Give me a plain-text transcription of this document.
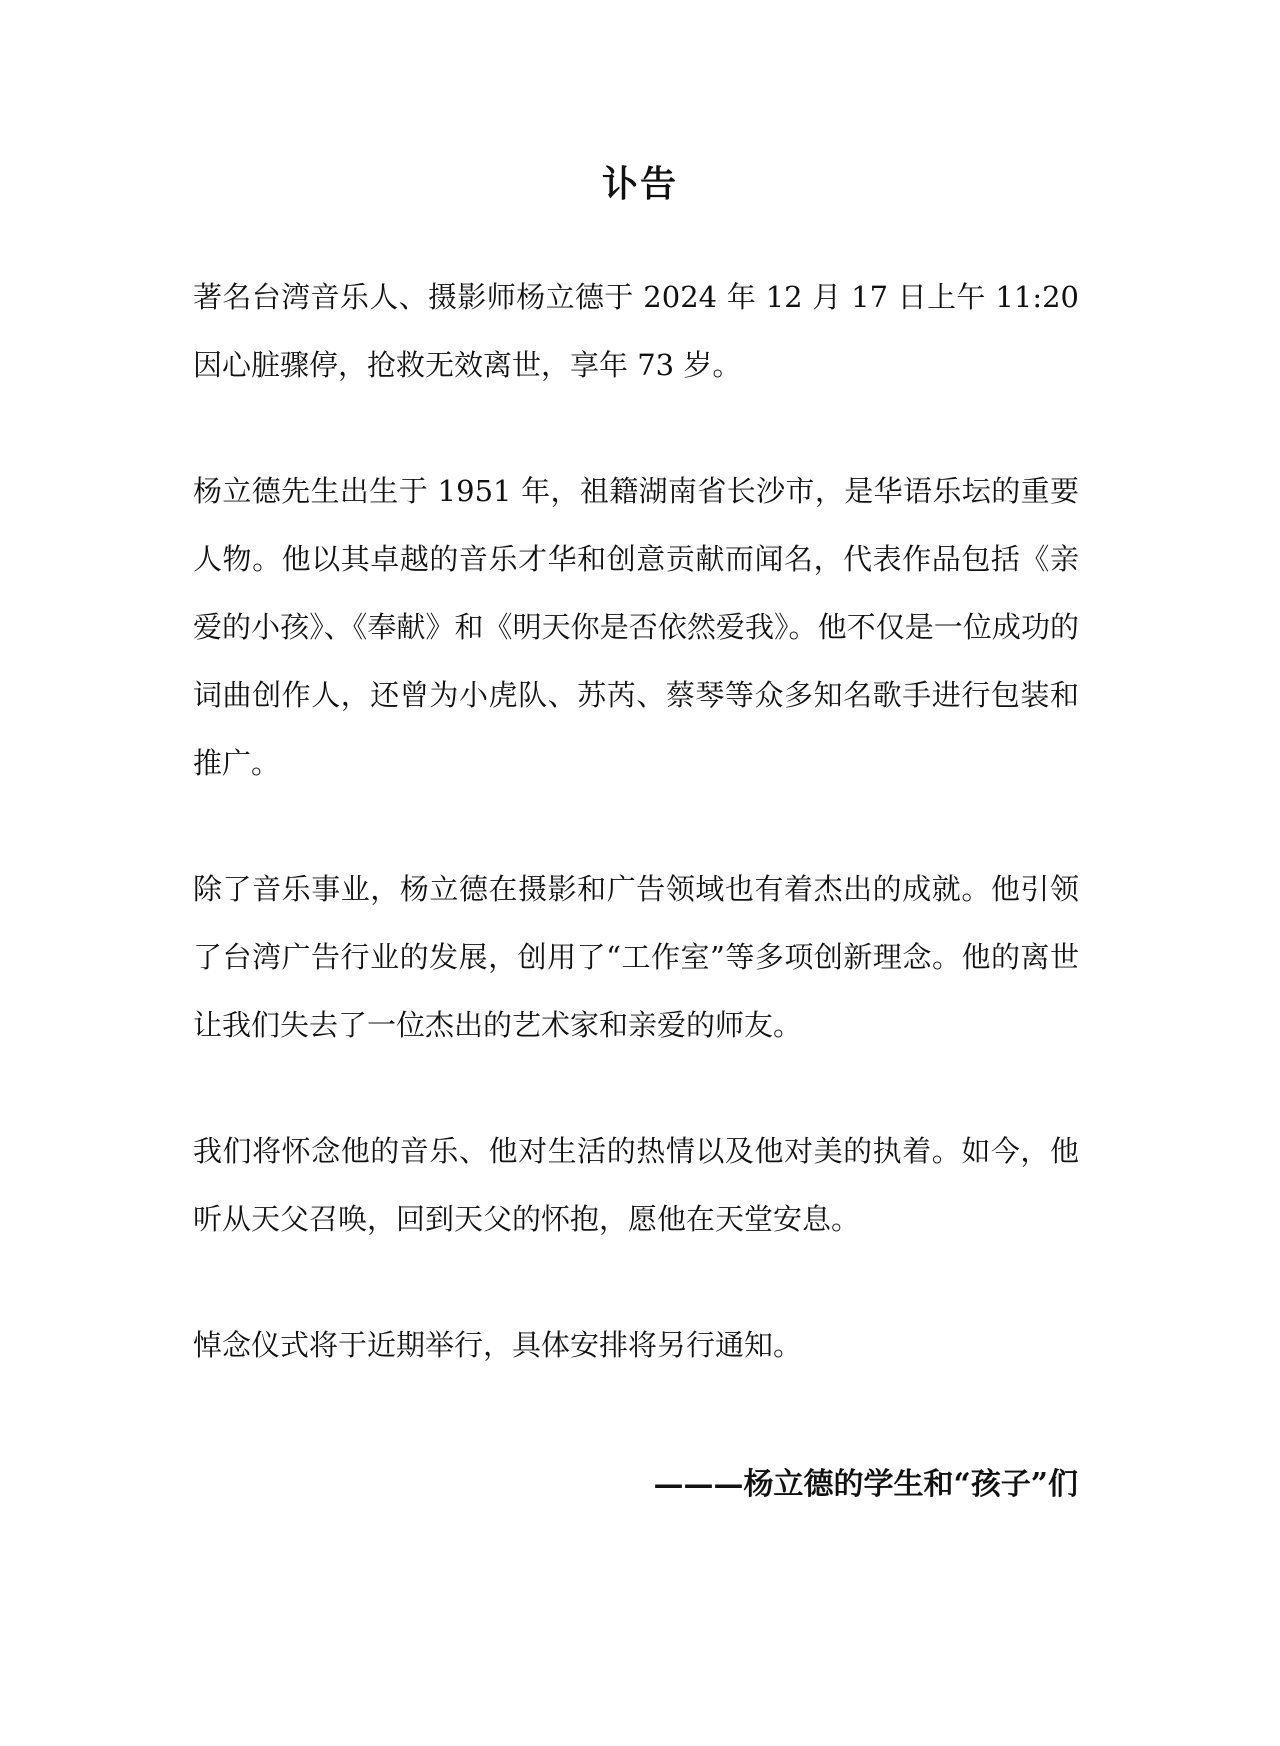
讣告

著名台湾音乐人、摄影师杨立德于 2024 年 12 月 17 日上午 11:20 因心脏骤停，抢救无效离世，享年 73 岁。

杨立德先生出生于 1951 年，祖籍湖南省长沙市，是华语乐坛的重要人物。他以其卓越的音乐才华和创意贡献而闻名，代表作品包括《亲爱的小孩》、《奉献》和《明天你是否依然爱我》。他不仅是一位成功的词曲创作人，还曾为小虎队、苏芮、蔡琴等众多知名歌手进行包装和推广。

除了音乐事业，杨立德在摄影和广告领域也有着杰出的成就。他引领了台湾广告行业的发展，创用了“工作室”等多项创新理念。他的离世让我们失去了一位杰出的艺术家和亲爱的师友。

我们将怀念他的音乐、他对生活的热情以及他对美的执着。如今，他听从天父召唤，回到天父的怀抱，愿他在天堂安息。

悼念仪式将于近期举行，具体安排将另行通知。

———杨立德的学生和“孩子”们
